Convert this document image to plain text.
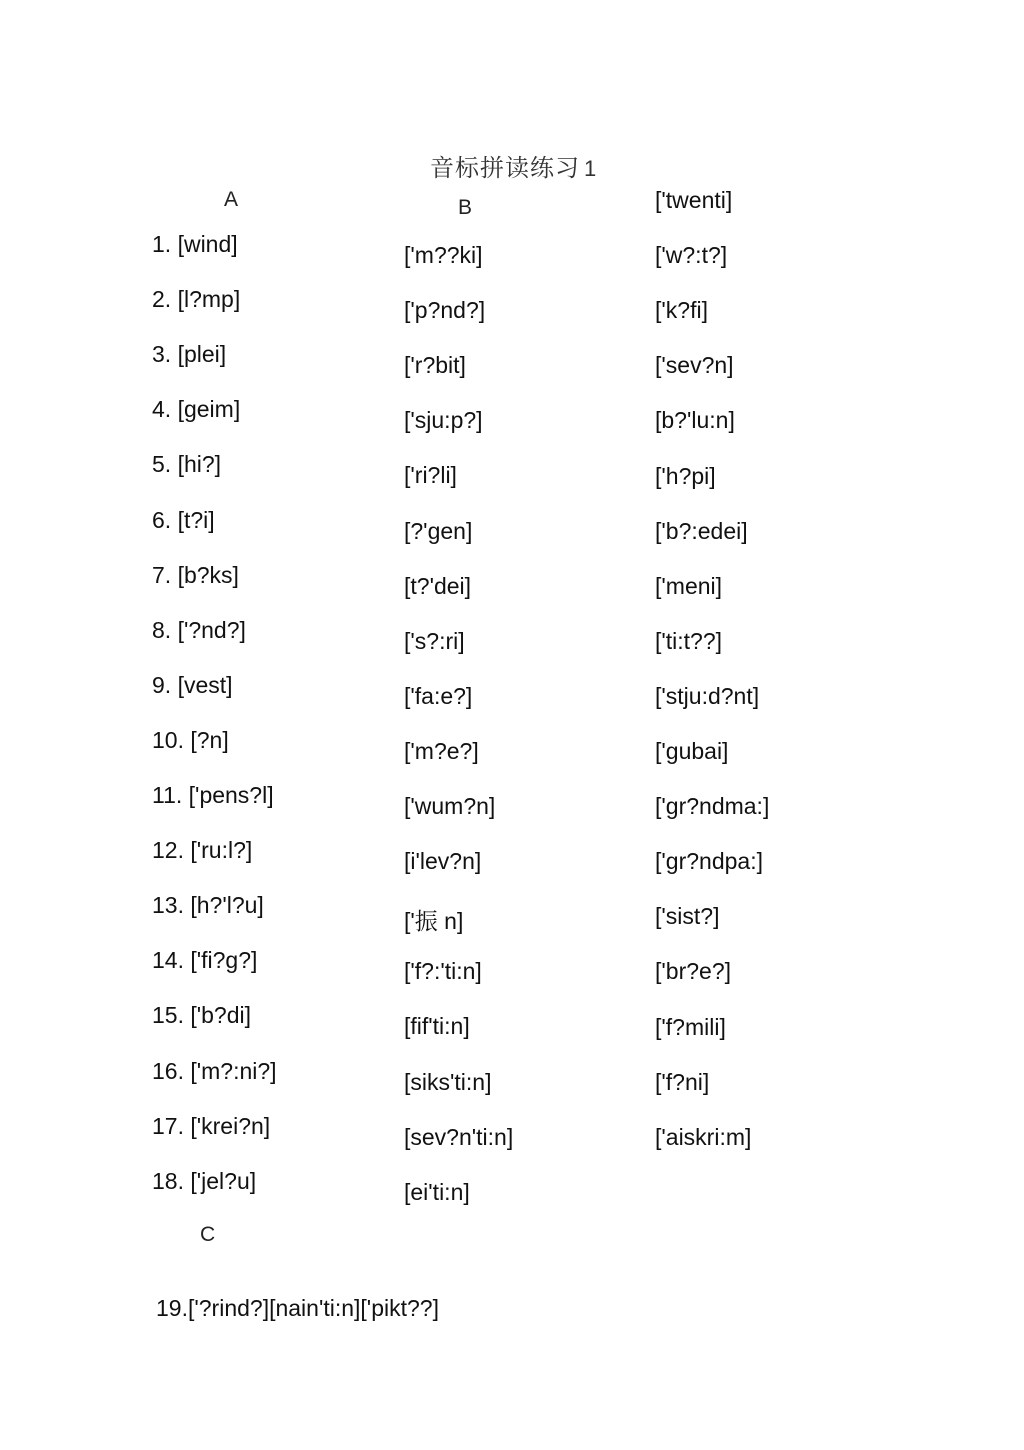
音标拼读练习 1
A	B
C
1. [wind]
2. [l?mp]
3. [plei]
4. [geim]
5. [hi?]
6. [t?i]
7. [b?ks]
8. ['?nd?]
9. [vest]
10. [?n]
11. ['pens?l]
12. ['ru:l?]
13. [h?'l?u]
14. ['fi?g?]
15. ['b?di]
16. ['m?:ni?]
17. ['krei?n]
18. ['jel?u]
['m??ki]
['p?nd?]
['r?bit]
['sju:p?]
['ri?li]
[?'gen]
[t?'dei]
['s?:ri]
['fa:e?]
['m?e?]
['wum?n]
[i'lev?n]
['振 n]
['f?:'ti:n]
[fif'ti:n]
[siks'ti:n]
[sev?n'ti:n]
[ei'ti:n]
['twenti]
['w?:t?]
['k?fi]
['sev?n]
[b?'lu:n]
['h?pi]
['b?:edei]
['meni]
['ti:t??]
['stju:d?nt]
['gubai]
['gr?ndma:]
['gr?ndpa:]
['sist?]
['br?e?]
['f?mili]
['f?ni]
['aiskri:m]
19.['?rind?][nain'ti:n]['pikt??]
